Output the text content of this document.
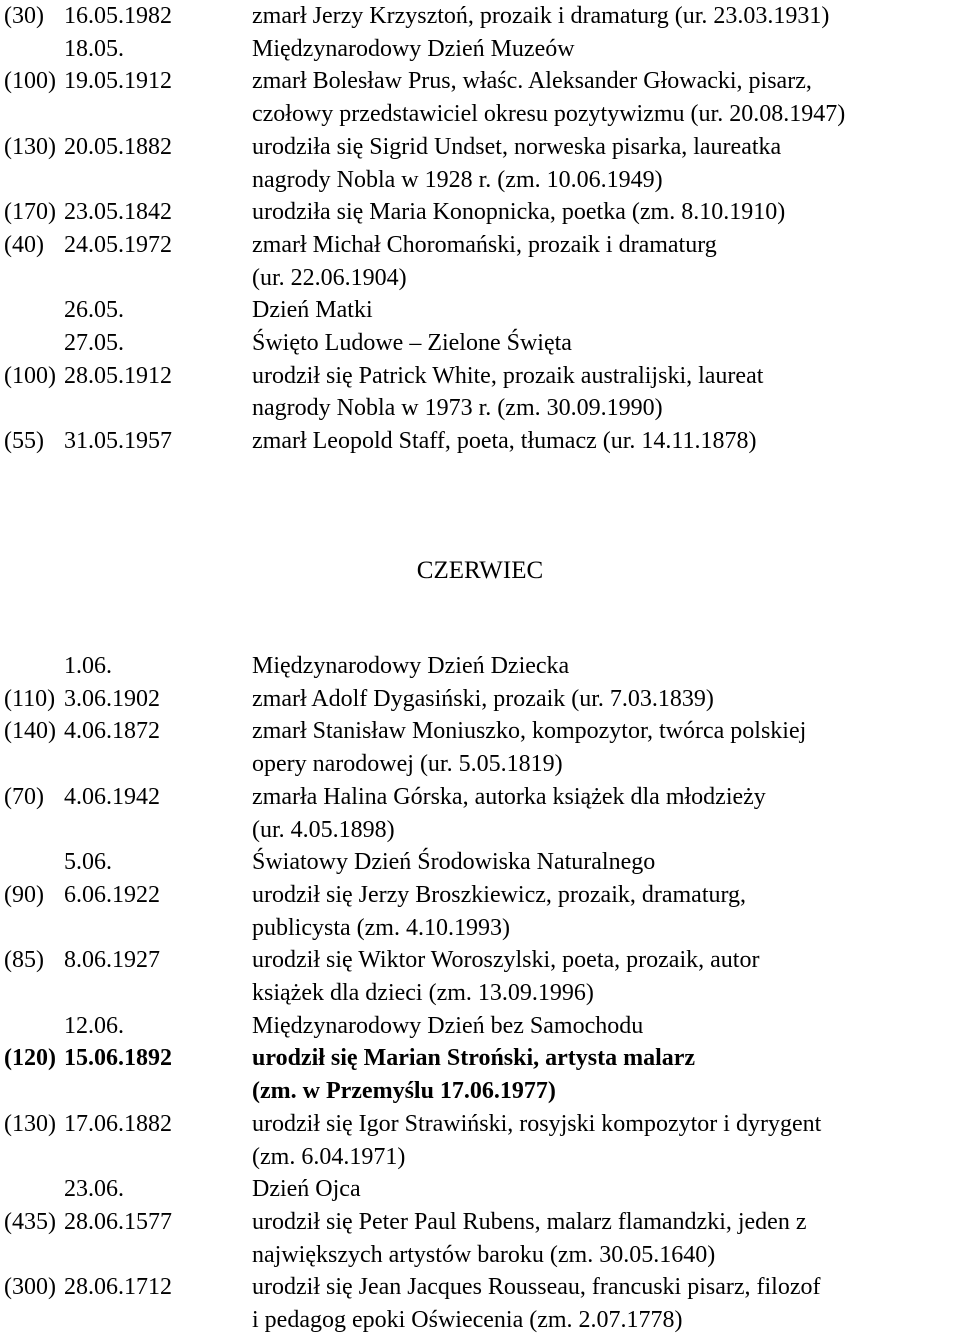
(30) 16.05.1982	zmarł Jerzy Krzysztoń, prozaik i dramaturg (ur. 23.03.1931)
18.05.	Międzynarodowy Dzień Muzeów
(100) 19.05.1912	zmarł Bolesław Prus, właśc. Aleksander Głowacki, pisarz,
czołowy przedstawiciel okresu pozytywizmu (ur. 20.08.1947)
(130) 20.05.1882	urodziła się Sigrid Undset, norweska pisarka, laureatka
nagrody Nobla w 1928 r. (zm. 10.06.1949)
(170) 23.05.1842	urodziła się Maria Konopnicka, poetka (zm. 8.10.1910)
(40) 24.05.1972	zmarł Michał Choromański, prozaik i dramaturg
(ur. 22.06.1904)
26.05.	Dzień Matki
27.05.	Święto Ludowe – Zielone Święta
(100) 28.05.1912	urodził się Patrick White, prozaik australijski, laureat
nagrody Nobla w 1973 r. (zm. 30.09.1990)
(55) 31.05.1957	zmarł Leopold Staff, poeta, tłumacz (ur. 14.11.1878)
1.06.	Międzynarodowy Dzień Dziecka
(110) 3.06.1902	zmarł Adolf Dygasiński, prozaik (ur. 7.03.1839)
(140) 4.06.1872	zmarł Stanisław Moniuszko, kompozytor, twórca polskiej
opery narodowej (ur. 5.05.1819)
(70) 4.06.1942	zmarła Halina Górska, autorka książek dla młodzieży
(ur. 4.05.1898)
5.06.	Światowy Dzień Środowiska Naturalnego
(90) 6.06.1922	urodził się Jerzy Broszkiewicz, prozaik, dramaturg,
publicysta (zm. 4.10.1993)
(85) 8.06.1927	urodził się Wiktor Woroszylski, poeta, prozaik, autor
książek dla dzieci (zm. 13.09.1996)
12.06.	Międzynarodowy Dzień bez Samochodu
(120) 15.06.1892	urodził się Marian Stroński, artysta malarz
(zm. w Przemyślu 17.06.1977)
(130) 17.06.1882	urodził się Igor Strawiński, rosyjski kompozytor i dyrygent
(zm. 6.04.1971)
23.06.	Dzień Ojca
(435) 28.06.1577	urodził się Peter Paul Rubens, malarz flamandzki, jeden z
największych artystów baroku (zm. 30.05.1640)
(300) 28.06.1712	urodził się Jean Jacques Rousseau, francuski pisarz, filozof
i pedagog epoki Oświecenia (zm. 2.07.1778)
CZERWIEC
